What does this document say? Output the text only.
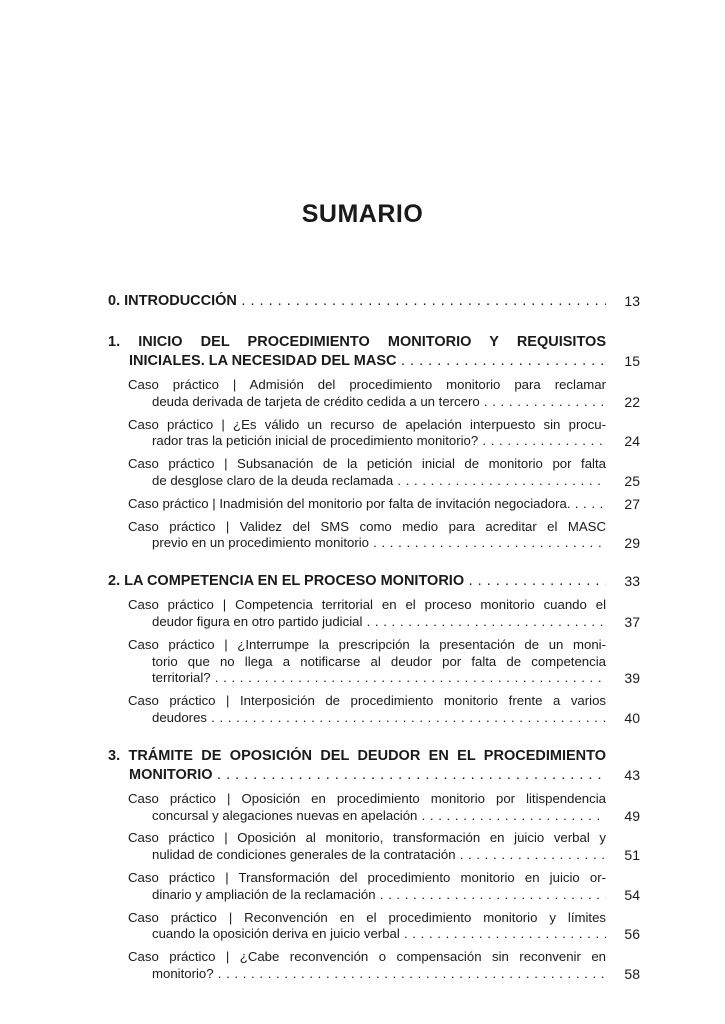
SUMARIO
0. INTRODUCCIÓN . . .	13
1. INICIO DEL PROCEDIMIENTO MONITORIO Y REQUISITOS
INICIALES. LA NECESIDAD DEL MASC . . .	15
Caso práctico | Admisión del procedimiento monitorio para reclamar
deuda derivada de tarjeta de crédito cedida a un tercero . . .	22
Caso práctico | ¿Es válido un recurso de apelación interpuesto sin procu-
rador tras la petición inicial de procedimiento monitorio? . . .	24
Caso práctico | Subsanación de la petición inicial de monitorio por falta
de desglose claro de la deuda reclamada . . .	25
Caso práctico | Inadmisión del monitorio por falta de invitación negociadora. . . .	27
Caso práctico | Validez del SMS como medio para acreditar el MASC
previo en un procedimiento monitorio . . .	29
2. LA COMPETENCIA EN EL PROCESO MONITORIO . . .	33
Caso práctico | Competencia territorial en el proceso monitorio cuando el
deudor figura en otro partido judicial . . .	37
Caso práctico | ¿Interrumpe la prescripción la presentación de un moni-
torio que no llega a notificarse al deudor por falta de competencia
territorial? . . .	39
Caso práctico | Interposición de procedimiento monitorio frente a varios
deudores . . .	40
3. TRÁMITE DE OPOSICIÓN DEL DEUDOR EN EL PROCEDIMIENTO
MONITORIO . . .	43
Caso práctico | Oposición en procedimiento monitorio por litispendencia
concursal y alegaciones nuevas en apelación . . .	49
Caso práctico | Oposición al monitorio, transformación en juicio verbal y
nulidad de condiciones generales de la contratación . . .	51
Caso práctico | Transformación del procedimiento monitorio en juicio or-
dinario y ampliación de la reclamación . . .	54
Caso práctico | Reconvención en el procedimiento monitorio y límites
cuando la oposición deriva en juicio verbal . . .	56
Caso práctico | ¿Cabe reconvención o compensación sin reconvenir en
monitorio? . . .	58
